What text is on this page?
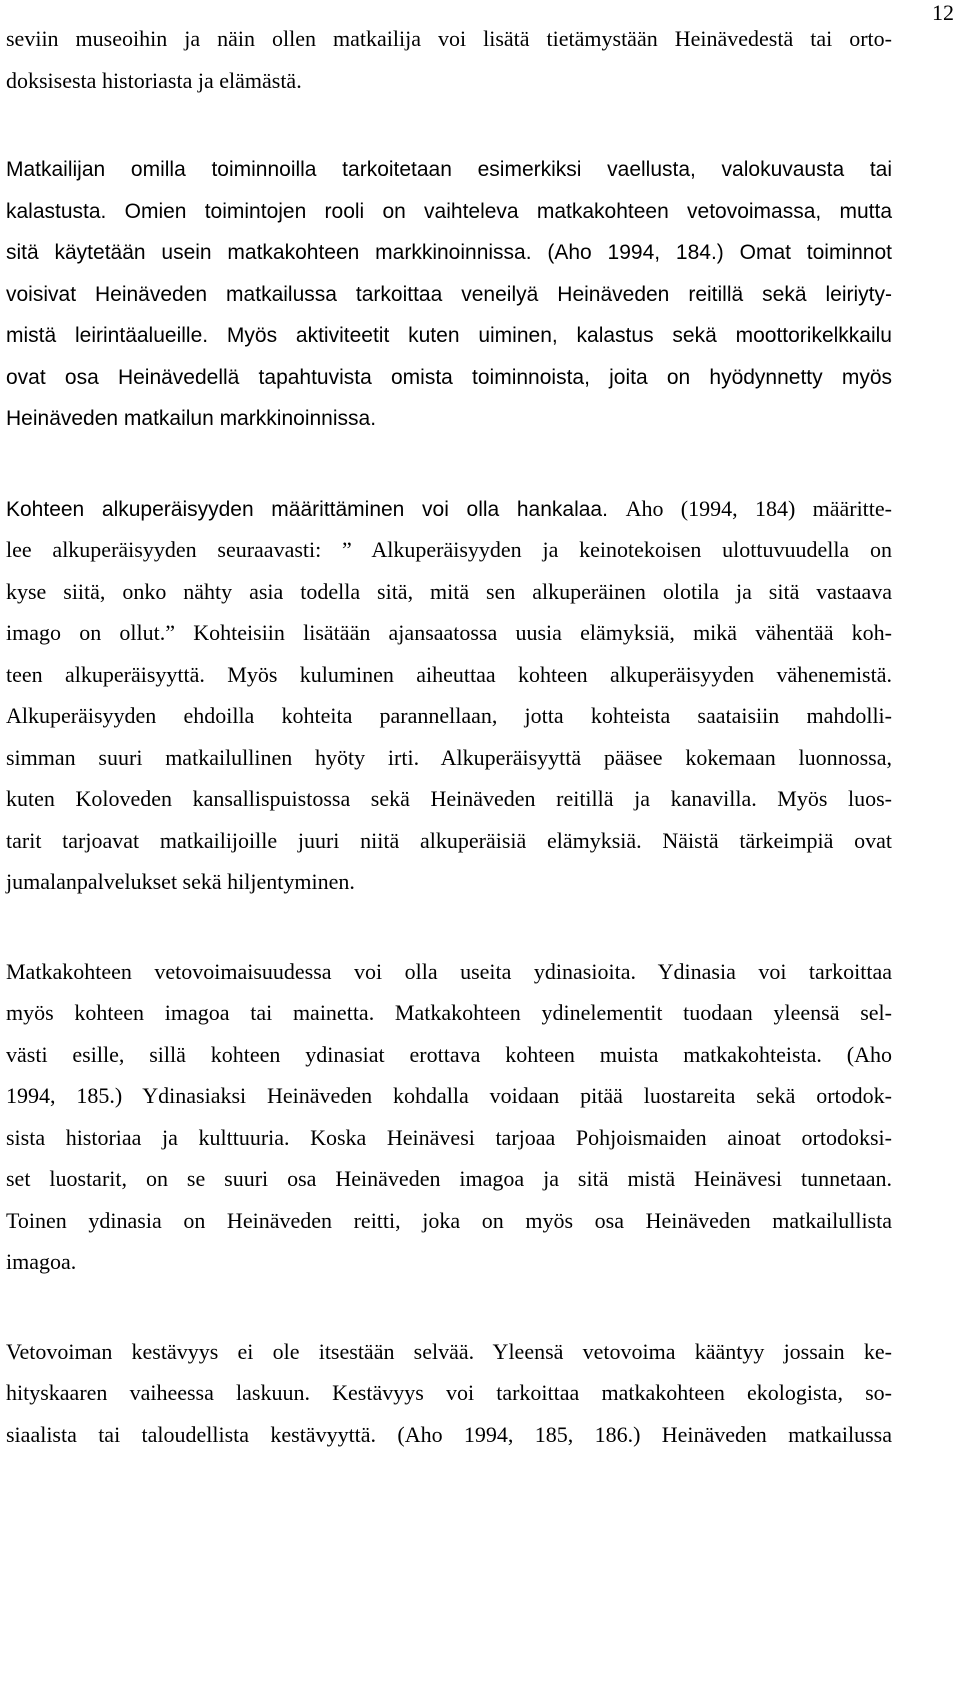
12
seviin museoihin ja näin ollen matkailija voi lisätä tietämystään Heinävedestä tai orto-
doksisesta historiasta ja elämästä.
Matkailijan omilla toiminnoilla tarkoitetaan esimerkiksi vaellusta, valokuvausta tai
kalastusta. Omien toimintojen rooli on vaihteleva matkakohteen vetovoimassa, mutta
sitä käytetään usein matkakohteen markkinoinnissa. (Aho 1994, 184.) Omat toiminnot
voisivat Heinäveden matkailussa tarkoittaa veneilyä Heinäveden reitillä sekä leiriyty-
mistä leirintäalueille. Myös aktiviteetit kuten uiminen, kalastus sekä moottorikelkkailu
ovat osa Heinävedellä tapahtuvista omista toiminnoista, joita on hyödynnetty myös
Heinäveden matkailun markkinoinnissa.
Kohteen alkuperäisyyden määrittäminen voi olla hankalaa. Aho (1994, 184) määritte-
lee alkuperäisyyden seuraavasti: ” Alkuperäisyyden ja keinotekoisen ulottuvuudella on
kyse siitä, onko nähty asia todella sitä, mitä sen alkuperäinen olotila ja sitä vastaava
imago on ollut.” Kohteisiin lisätään ajansaatossa uusia elämyksiä, mikä vähentää koh-
teen alkuperäisyyttä. Myös kuluminen aiheuttaa kohteen alkuperäisyyden vähenemistä.
Alkuperäisyyden ehdoilla kohteita parannellaan, jotta kohteista saataisiin mahdolli-
simman suuri matkailullinen hyöty irti. Alkuperäisyyttä pääsee kokemaan luonnossa,
kuten Koloveden kansallispuistossa sekä Heinäveden reitillä ja kanavilla. Myös luos-
tarit tarjoavat matkailijoille juuri niitä alkuperäisiä elämyksiä. Näistä tärkeimpiä ovat
jumalanpalvelukset sekä hiljentyminen.
Matkakohteen vetovoimaisuudessa voi olla useita ydinasioita. Ydinasia voi tarkoittaa
myös kohteen imagoa tai mainetta. Matkakohteen ydinelementit tuodaan yleensä sel-
västi esille, sillä kohteen ydinasiat erottava kohteen muista matkakohteista. (Aho
1994, 185.) Ydinasiaksi Heinäveden kohdalla voidaan pitää luostareita sekä ortodok-
sista historiaa ja kulttuuria. Koska Heinävesi tarjoaa Pohjoismaiden ainoat ortodoksi-
set luostarit, on se suuri osa Heinäveden imagoa ja sitä mistä Heinävesi tunnetaan.
Toinen ydinasia on Heinäveden reitti, joka on myös osa Heinäveden matkailullista
imagoa.
Vetovoiman kestävyys ei ole itsestään selvää. Yleensä vetovoima kääntyy jossain ke-
hityskaaren vaiheessa laskuun. Kestävyys voi tarkoittaa matkakohteen ekologista, so-
siaalista tai taloudellista kestävyyttä. (Aho 1994, 185, 186.) Heinäveden matkailussa
